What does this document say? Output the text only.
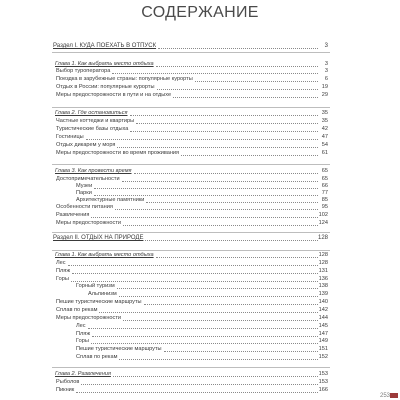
СОДЕРЖАНИЕ
Раздел I. КУДА ПОЕХАТЬ В ОТПУСК	3
Глава 1. Как выбрать место отдыха	3
Выбор туроператора	3
Поездка в зарубежные страны: популярные курорты	6
Отдых в России: популярные курорты	19
Меры предосторожности в пути и на отдыхе	29
Глава 2. Где остановиться	35
Частные коттеджи и квартиры	35
Туристические базы отдыха	42
Гостиницы	47
Отдых дикарем у моря	54
Меры предосторожности во время проживания	61
Глава 3. Как провести время	65
Достопримечательности	65
Музеи	66
Парки	77
Архитектурные памятники	85
Особенности питания	95
Развлечения	102
Меры предосторожности	124
Раздел II. ОТДЫХ НА ПРИРОДЕ	128
Глава 1. Как выбрать место отдыха	128
Лес	128
Пляж	131
Горы	136
Горный туризм	138
Альпинизм	139
Пешие туристические маршруты	140
Сплав по рекам	142
Меры предосторожности	144
Лес	145
Пляж	147
Горы	149
Пешие туристические маршруты	151
Сплав по рекам	152
Глава 2. Развлечения	153
Рыболов	153
Пикник	166
253
